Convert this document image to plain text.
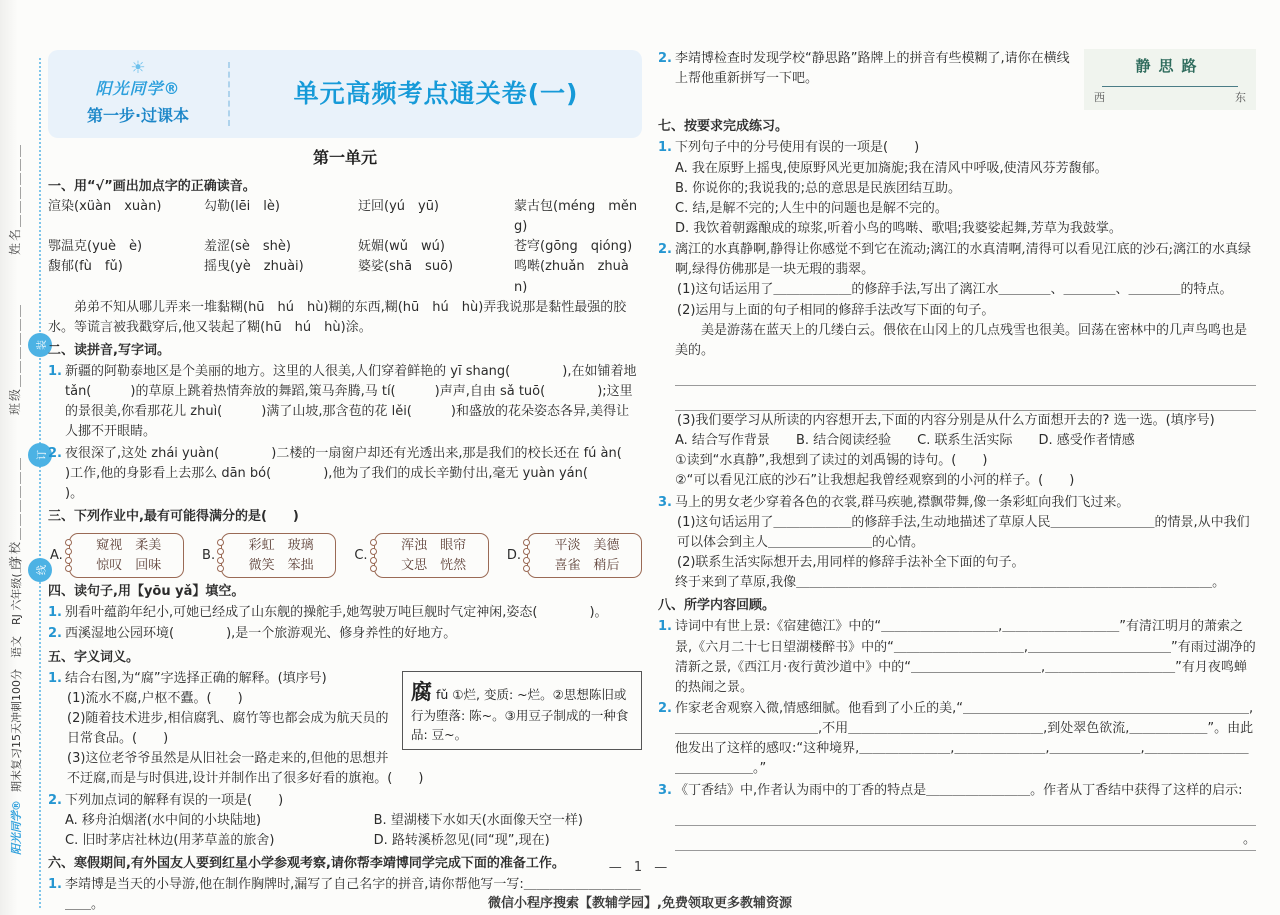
装
订
线
姓名＿＿＿＿＿＿
班级＿＿＿＿＿＿
学校＿＿＿＿＿＿
阳光同学®期末复习15天冲刺100分　语文　RJ 六年级(上)
☀
阳光同学®
第一步·过课本
单元高频考点通关卷(一)
第一单元
一、用“√”画出加点字的正确读音。
渲染(xüàn　xuàn)	勾勒(lēi　lè)	迂回(yú　yū)	蒙古包(méng　měng)
鄂温克(yuè　è)	羞涩(sè　shè)	妩媚(wǔ　wú)	苍穹(gōng　qióng)
馥郁(fù　fǔ)	摇曳(yè　zhuài)	婆娑(shā　suō)	鸣啭(zhuǎn　zhuàn)
弟弟不知从哪儿弄来一堆黏糊(hū　hú　hù)糊的东西,糊(hū　hú　hù)弄我说那是黏性最强的胶水。等谎言被我戳穿后,他又装起了糊(hū　hú　hù)涂。
二、读拼音,写字词。
1. 新疆的阿勒泰地区是个美丽的地方。这里的人很美,人们穿着鲜艳的 yī shang(　　　　),在如铺着地 tǎn(　　　)的草原上跳着热情奔放的舞蹈,策马奔腾,马 tí(　　　)声声,自由 sǎ tuō(　　　　);这里的景很美,你看那花儿 zhuì(　　　)满了山坡,那含苞的花 lěi(　　　)和盛放的花朵姿态各异,美得让人挪不开眼睛。
2. 夜很深了,这处 zhái yuàn(　　　　)二楼的一扇窗户却还有光透出来,那是我们的校长还在 fú àn(　　　)工作,他的身影看上去那么 dān bó(　　　　),他为了我们的成长辛勤付出,毫无 yuàn yán(　　　)。
三、下列作业中,最有可能得满分的是(　　)
A.
窥视　柔美
惊叹　回味
B.
彩虹　玻璃
微笑　笨拙
C.
浑浊　眼帘
文思　恍然
D.
平淡　美德
喜雀　稍后
四、读句子,用【yōu yǎ】填空。
1. 别看叶蕴韵年纪小,可她已经成了山东舰的操舵手,她驾驶万吨巨舰时气定神闲,姿态(　　　　)。
2. 西溪湿地公园环境(　　　　),是一个旅游观光、修身养性的好地方。
五、字义词义。
1.
腐fǔ ①烂, 变质: ~烂。②思想陈旧或行为堕落: 陈~。③用豆子制成的一种食品: 豆~。
结合右图,为“腐”字选择正确的解释。(填序号)
(1)流水不腐,户枢不蠹。(　　)
(2)随着技术进步,相信腐乳、腐竹等也都会成为航天员的日常食品。(　　)
(3)这位老爷爷虽然是从旧社会一路走来的,但他的思想并不迂腐,而是与时俱进,设计并制作出了很多好看的旗袍。(　　)
2. 下列加点词的解释有误的一项是(　　)
A. 移舟泊烟渚(水中间的小块陆地)	B. 望湖楼下水如天(水面像天空一样)
C. 旧时茅店社林边(用茅草盖的旅舍)	D. 路转溪桥忽见(同“现”,现在)
六、寒假期间,有外国友人要到红星小学参观考察,请你帮李靖博同学完成下面的准备工作。
1. 李靖博是当天的小导游,他在制作胸牌时,漏写了自己名字的拼音,请你帮他写一写:＿＿＿＿＿＿＿＿＿＿＿。
2.	静思路
西	东
李靖博检查时发现学校“静思路”路牌上的拼音有些模糊了,请你在横线上帮他重新拼写一下吧。
七、按要求完成练习。
1. 下列句子中的分号使用有误的一项是(　　)
A. 我在原野上摇曳,使原野风光更加旖旎;我在清风中呼吸,使清风芬芳馥郁。
B. 你说你的;我说我的;总的意思是民族团结互助。
C. 结,是解不完的;人生中的问题也是解不完的。
D. 我饮着朝露酿成的琼浆,听着小鸟的鸣啭、歌唱;我婆娑起舞,芳草为我鼓掌。
2. 漓江的水真静啊,静得让你感觉不到它在流动;漓江的水真清啊,清得可以看见江底的沙石;漓江的水真绿啊,绿得仿佛那是一块无瑕的翡翠。
(1)这句话运用了＿＿＿＿＿＿的修辞手法,写出了漓江水＿＿＿＿、＿＿＿＿、＿＿＿＿的特点。
(2)运用与上面的句子相同的修辞手法改写下面的句子。
美是游荡在蓝天上的几缕白云。偎依在山冈上的几点残雪也很美。回荡在密林中的几声鸟鸣也是美的。
(3)我们要学习从所读的内容想开去,下面的内容分别是从什么方面想开去的? 选一选。(填序号)
A. 结合写作背景 B. 结合阅读经验 C. 联系生活实际 D. 感受作者情感
①读到“水真静”,我想到了读过的刘禹锡的诗句。(　　)
②“可以看见江底的沙石”让我想起我曾经观察到的小河的样子。(　　)
3. 马上的男女老少穿着各色的衣裳,群马疾驰,襟飘带舞,像一条彩虹向我们飞过来。
(1)这句话运用了＿＿＿＿＿＿的修辞手法,生动地描述了草原人民＿＿＿＿＿＿＿＿的情景,从中我们可以体会到主人＿＿＿＿＿＿＿＿的心情。
(2)联系生活实际想开去,用同样的修辞手法补全下面的句子。
终于来到了草原,我像＿＿＿＿＿＿＿＿＿＿＿＿＿＿＿＿＿＿＿＿＿＿＿＿＿＿＿＿＿＿＿＿。
八、所学内容回顾。
1. 诗词中有世上景:《宿建德江》中的“＿＿＿＿＿＿＿＿＿,＿＿＿＿＿＿＿＿＿”有清江明月的萧索之景,《六月二十七日望湖楼醉书》中的“＿＿＿＿＿＿＿＿＿＿,＿＿＿＿＿＿＿＿＿＿＿”有雨过湖净的清新之景,《西江月·夜行黄沙道中》中的“＿＿＿＿＿＿＿＿＿＿,＿＿＿＿＿＿＿＿＿＿”有月夜鸣蝉的热闹之景。
2. 作家老舍观察入微,情感细腻。他看到了小丘的美,“＿＿＿＿＿＿＿＿＿＿＿＿＿＿＿＿＿＿＿＿＿＿,＿＿＿＿＿＿＿＿＿＿＿,不用＿＿＿＿＿＿＿＿＿＿＿＿＿＿＿,到处翠色欲流,＿＿＿＿＿＿”。由此他发出了这样的感叹:“这种境界,＿＿＿＿＿＿＿,＿＿＿＿＿＿＿,＿＿＿＿＿＿＿,＿＿＿＿＿＿＿＿＿＿＿＿＿＿。”
3. 《丁香结》中,作者认为雨中的丁香的特点是＿＿＿＿＿＿＿＿。作者从丁香结中获得了这样的启示:
。
— 1 —
微信小程序搜索【教辅学园】,免费领取更多教辅资源
